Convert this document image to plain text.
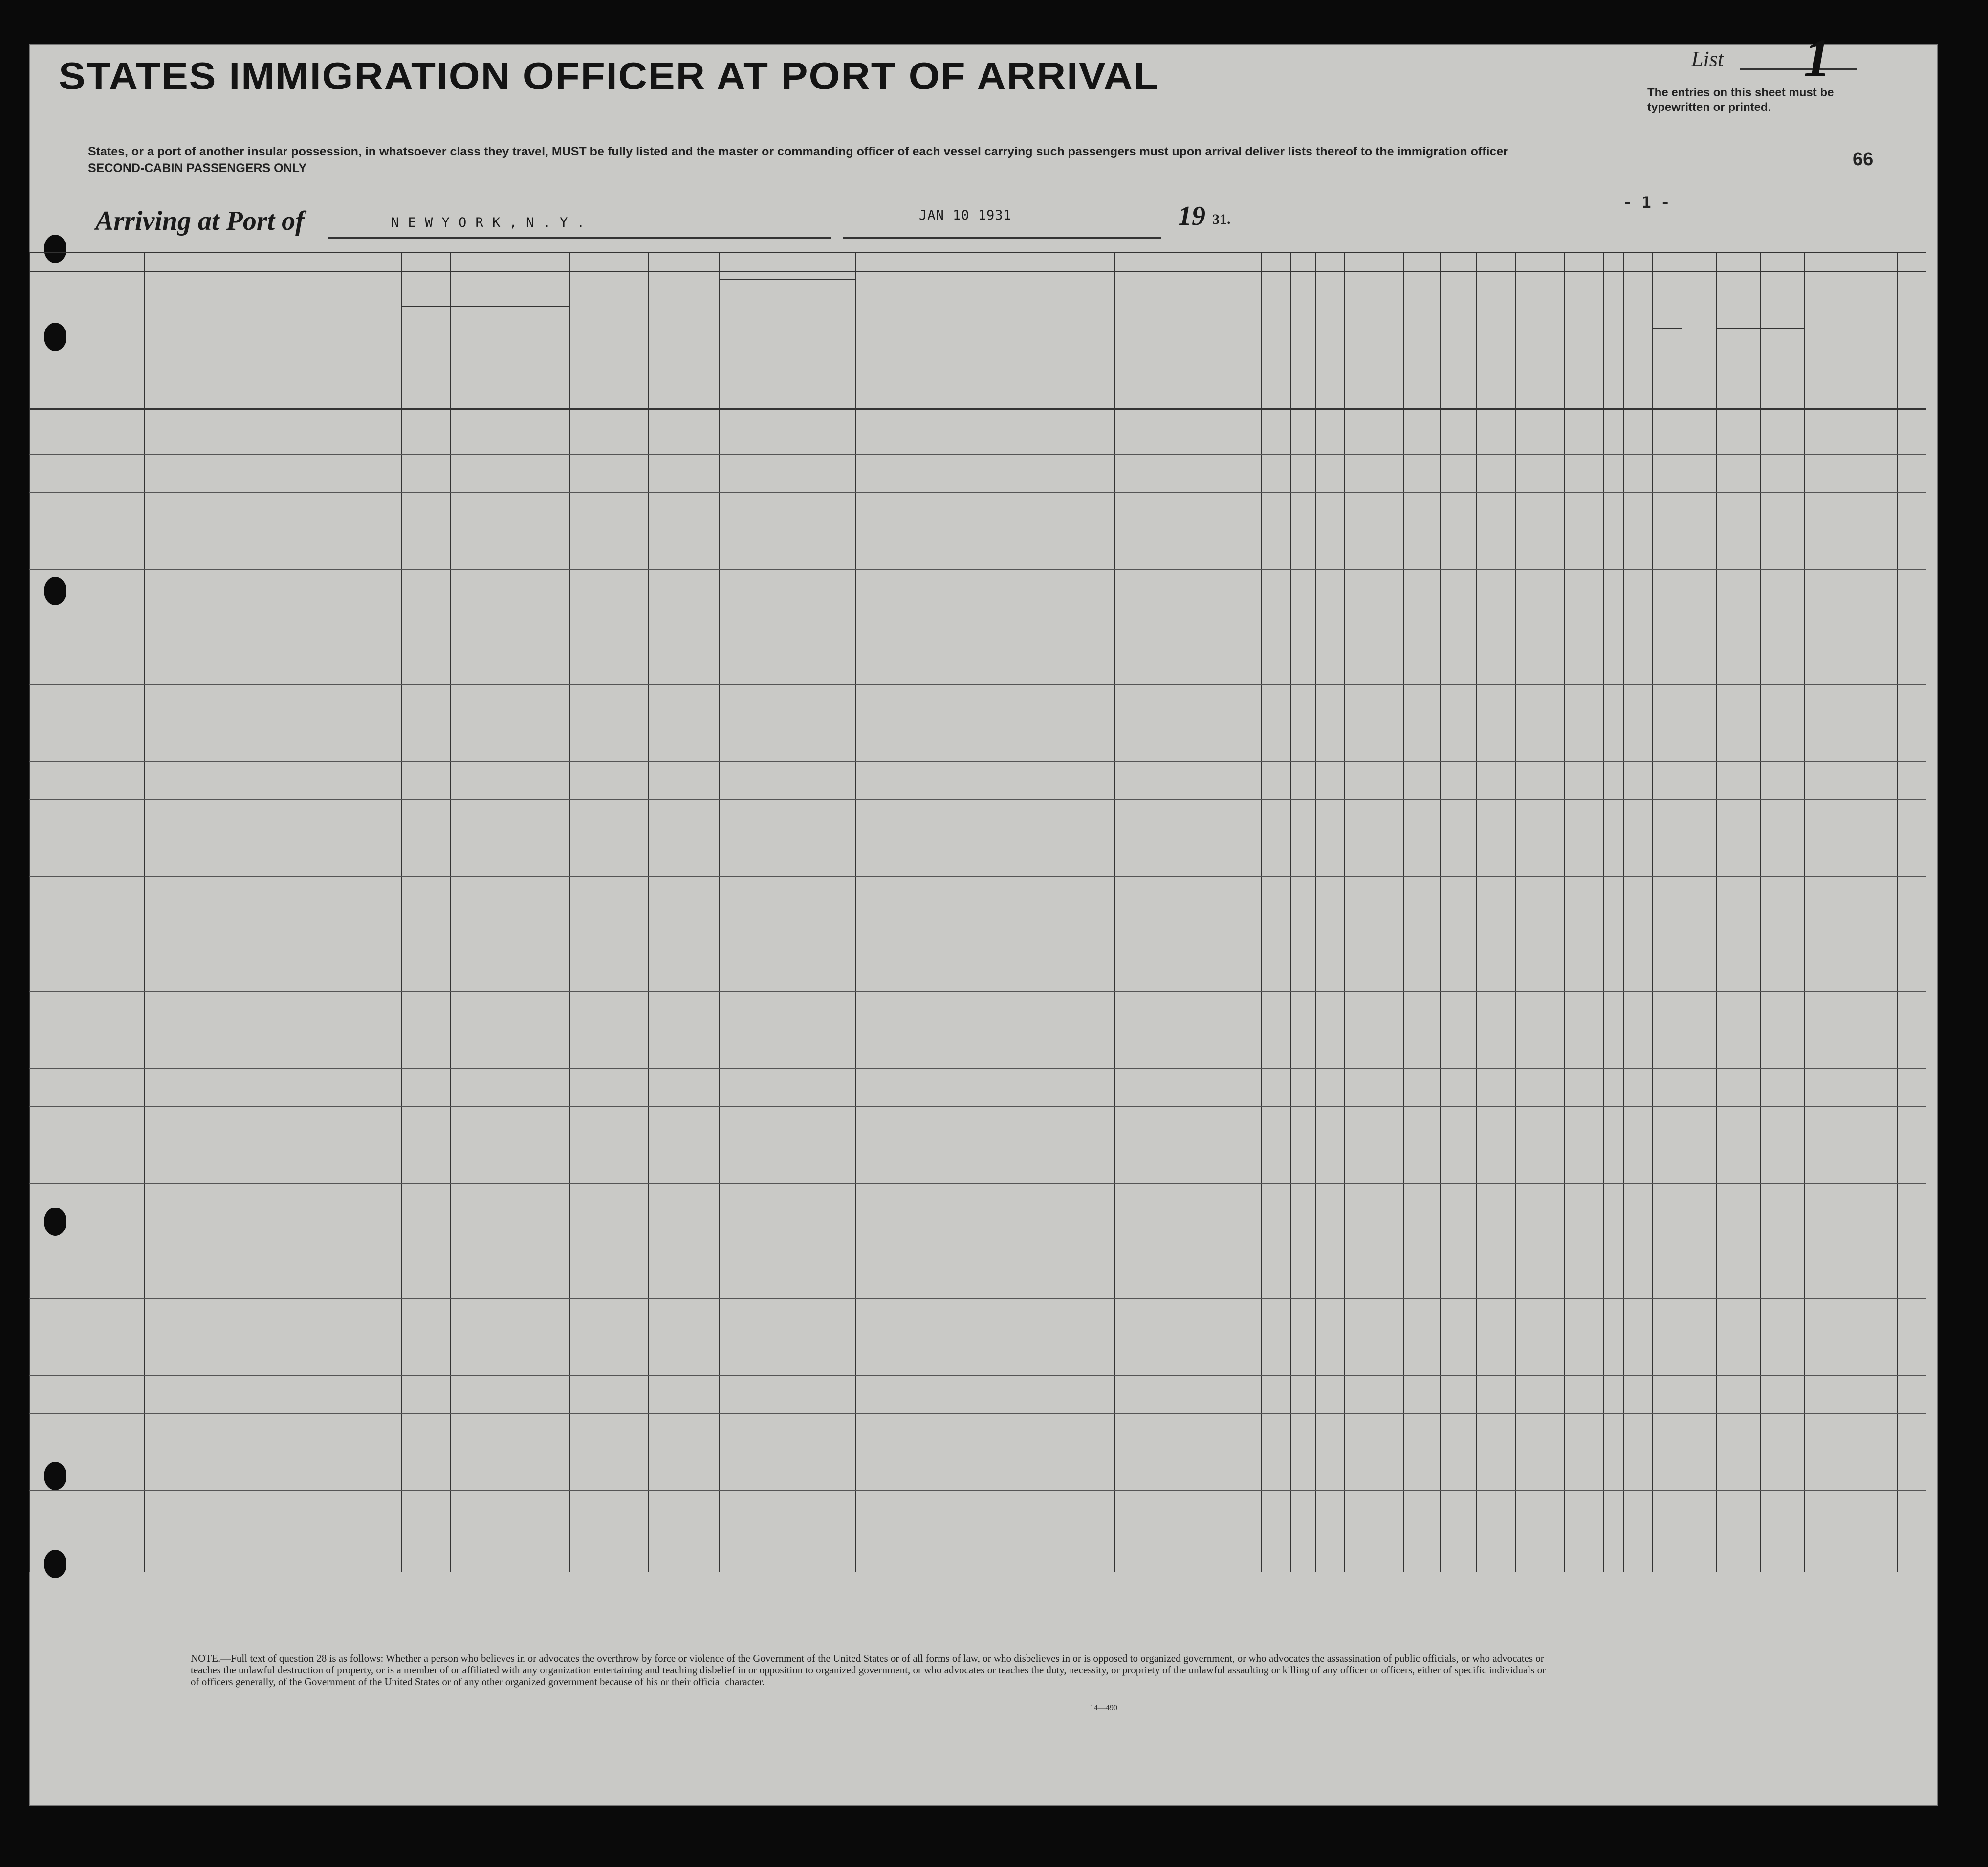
STATES IMMIGRATION OFFICER AT PORT OF ARRIVAL
States, or a port of another insular possession, in whatsoever class they travel, MUST be fully listed and the master or commanding officer of each vessel carrying such passengers must upon arrival deliver lists thereof to the immigration officer
SECOND-CABIN PASSENGERS ONLY
List 1
The entries on this sheet must be typewritten or printed.
66
Arriving at Port of	N E W Y O R K , N . Y .	JAN 10 1931	19 31.
- 1 -
NOTE.—Full text of question 28 is as follows: Whether a person who believes in or advocates the overthrow by force or violence of the Government of the United States or of all forms of law, or who disbelieves in or is opposed to organized government, or who advocates the assassination of public officials, or who advocates or teaches the unlawful destruction of property, or is a member of or affiliated with any organization entertaining and teaching disbelief in or opposition to organized government, or who advocates or teaches the duty, necessity, or propriety of the unlawful assaulting or killing of any officer or officers, either of specific individuals or of officers generally, of the Government of the United States or of any other organized government because of his or their official character.
14—490
